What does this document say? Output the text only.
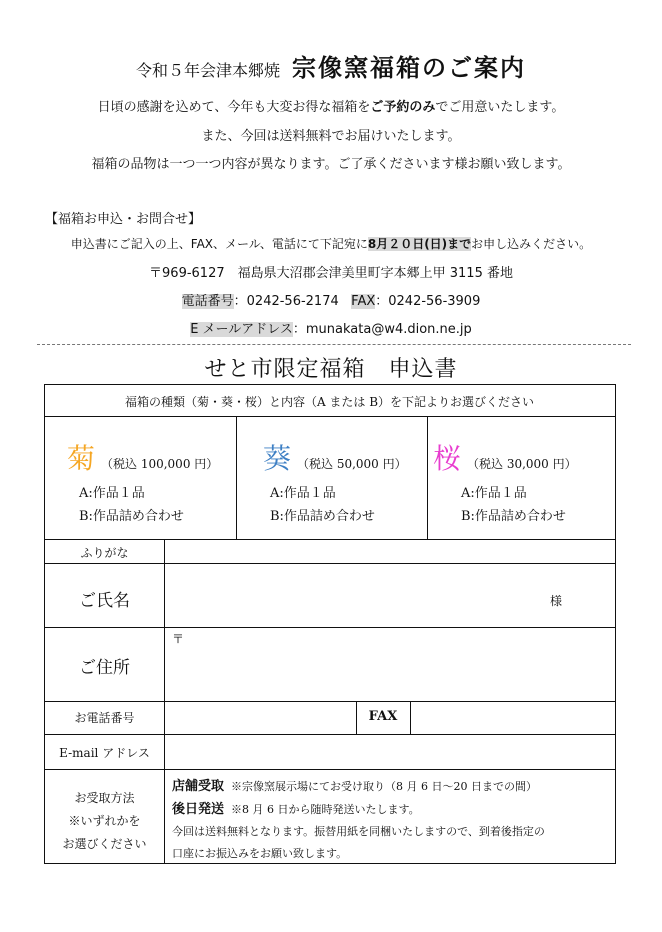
令和５年会津本郷焼 宗像窯福箱のご案内
日頃の感謝を込めて、今年も大変お得な福箱をご予約のみでご用意いたします。
また、今回は送料無料でお届けいたします。
福箱の品物は一つ一つ内容が異なります。ご了承くださいます様お願い致します。
【福箱お申込・お問合せ】
申込書にご記入の上、FAX、メール、電話にて下記宛に8月２０日(日)までお申し込みください。
〒969-6127　福島県大沼郡会津美里町字本郷上甲 3115 番地
電話番号：0242-56-2174 FAX：0242-56-3909
E メールアドレス：munakata@w4.dion.ne.jp
せと市限定福箱　申込書
福箱の種類（菊・葵・桜）と内容（A または B）を下記よりお選びください
菊 （税込 100,000 円）
A:作品１品
B:作品詰め合わせ
葵 （税込 50,000 円）
A:作品１品
B:作品詰め合わせ
桜 （税込 30,000 円）
A:作品１品
B:作品詰め合わせ
ふりがな
ご氏名	様
ご住所
〒
お電話番号	FAX
E-mail アドレス
お受取方法
※いずれかを
お選びください
店舗受取 ※宗像窯展示場にてお受け取り（8 月 6 日～20 日までの間）
後日発送 ※8 月 6 日から随時発送いたします。
今回は送料無料となります。振替用紙を同梱いたしますので、到着後指定の
口座にお振込みをお願い致します。
